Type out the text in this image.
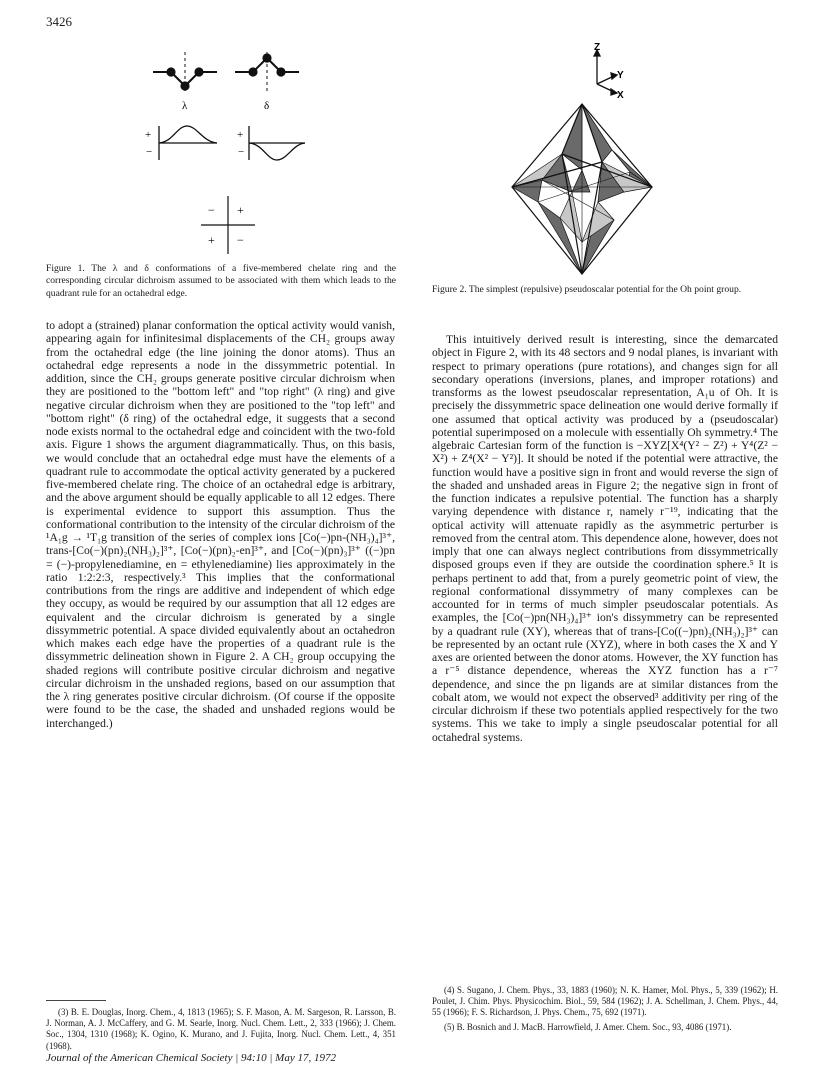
3426
λ	δ
+
−
+
−
− +
+ −
Z
Y
X
Figure 1. The λ and δ conformations of a five-membered chelate ring and the corresponding circular dichroism assumed to be associated with them which leads to the quadrant rule for an octahedral edge.	Figure 2. The simplest (repulsive) pseudoscalar potential for the Oh point group.

to adopt a (strained) planar conformation the optical activity would vanish, appearing again for infinitesimal displacements of the CH₂ groups away from the octahedral edge (the line joining the donor atoms). Thus an octahedral edge represents a node in the dissymmetric potential. In addition, since the CH₂ groups generate positive circular dichroism when they are positioned to the "bottom left" and "top right" (λ ring) and give negative circular dichroism when they are positioned to the "top left" and "bottom right" (δ ring) of the octahedral edge, it suggests that a second node exists normal to the octahedral edge and coincident with the two-fold axis. Figure 1 shows the argument diagrammatically. Thus, on this basis, we would conclude that an octahedral edge must have the elements of a quadrant rule to accommodate the optical activity generated by a puckered five-membered chelate ring. The choice of an octahedral edge is arbitrary, and the above argument should be equally applicable to all 12 edges. There is experimental evidence to support this assumption. Thus the conformational contribution to the intensity of the circular dichroism of the ¹A₁g → ¹T₁g transition of the series of complex ions [Co(−)pn-(NH₃)₄]³⁺, trans-[Co(−)(pn)₂(NH₃)₂]³⁺, [Co(−)(pn)₂-en]³⁺, and [Co(−)(pn)₃]³⁺ ((−)pn = (−)-propylenediamine, en = ethylenediamine) lies approximately in the ratio 1:2:2:3, respectively.³ This implies that the conformational contributions from the rings are additive and independent of which edge they occupy, as would be required by our assumption that all 12 edges are equivalent and the circular dichroism is generated by a single dissymmetric potential. A space divided equivalently about an octahedron which makes each edge have the properties of a quadrant rule is the dissymmetric delineation shown in Figure 2. A CH₂ group occupying the shaded regions will contribute positive circular dichroism and negative circular dichroism in the unshaded regions, based on our assumption that the λ ring generates positive circular dichroism. (Of course if the opposite were found to be the case, the shaded and unshaded regions would be interchanged.)

This intuitively derived result is interesting, since the demarcated object in Figure 2, with its 48 sectors and 9 nodal planes, is invariant with respect to primary operations (pure rotations), and changes sign for all secondary operations (inversions, planes, and improper rotations) and transforms as the lowest pseudoscalar representation, A₁u of Oh. It is precisely the dissymmetric space delineation one would derive formally if one assumed that optical activity was produced by a (pseudoscalar) potential superimposed on a molecule with essentially Oh symmetry.⁴ The algebraic Cartesian form of the function is −XYZ[X⁴(Y² − Z²) + Y⁴(Z² − X²) + Z⁴(X² − Y²)]. It should be noted if the potential were attractive, the function would have a positive sign in front and would reverse the sign of the shaded and unshaded areas in Figure 2; the negative sign in front of the function indicates a repulsive potential. The function has a sharply varying dependence with distance r, namely r⁻¹⁹, indicating that the optical activity will attenuate rapidly as the asymmetric perturber is removed from the central atom. This dependence alone, however, does not imply that one can always neglect contributions from dissymmetrically disposed groups even if they are outside the coordination sphere.⁵ It is perhaps pertinent to add that, from a purely geometric point of view, the regional conformational dissymmetry of many complexes can be accounted for in terms of much simpler pseudoscalar potentials. As examples, the [Co(−)pn(NH₃)₄]³⁺ ion's dissymmetry can be represented by a quadrant rule (XY), whereas that of trans-[Co((−)pn)₂(NH₃)₂]³⁺ can be represented by an octant rule (XYZ), where in both cases the X and Y axes are oriented between the donor atoms. However, the XY function has a r⁻⁵ distance dependence, whereas the XYZ function has a r⁻⁷ dependence, and since the pn ligands are at similar distances from the cobalt atom, we would not expect the observed³ additivity per ring of the circular dichroism if these two potentials applied respectively for the two systems. This we take to imply a single pseudoscalar potential for all octahedral systems.

(3) B. E. Douglas, Inorg. Chem., 4, 1813 (1965); S. F. Mason, A. M. Sargeson, R. Larsson, B. J. Norman, A. J. McCaffery, and G. M. Searle, Inorg. Nucl. Chem. Lett., 2, 333 (1966); J. Chem. Soc., 1304, 1310 (1968); K. Ogino, K. Murano, and J. Fujita, Inorg. Nucl. Chem. Lett., 4, 351 (1968).

(4) S. Sugano, J. Chem. Phys., 33, 1883 (1960); N. K. Hamer, Mol. Phys., 5, 339 (1962); H. Poulet, J. Chim. Phys. Physicochim. Biol., 59, 584 (1962); J. A. Schellman, J. Chem. Phys., 44, 55 (1966); F. S. Richardson, J. Phys. Chem., 75, 692 (1971).

(5) B. Bosnich and J. MacB. Harrowfield, J. Amer. Chem. Soc., 93, 4086 (1971).

Journal of the American Chemical Society | 94:10 | May 17, 1972
